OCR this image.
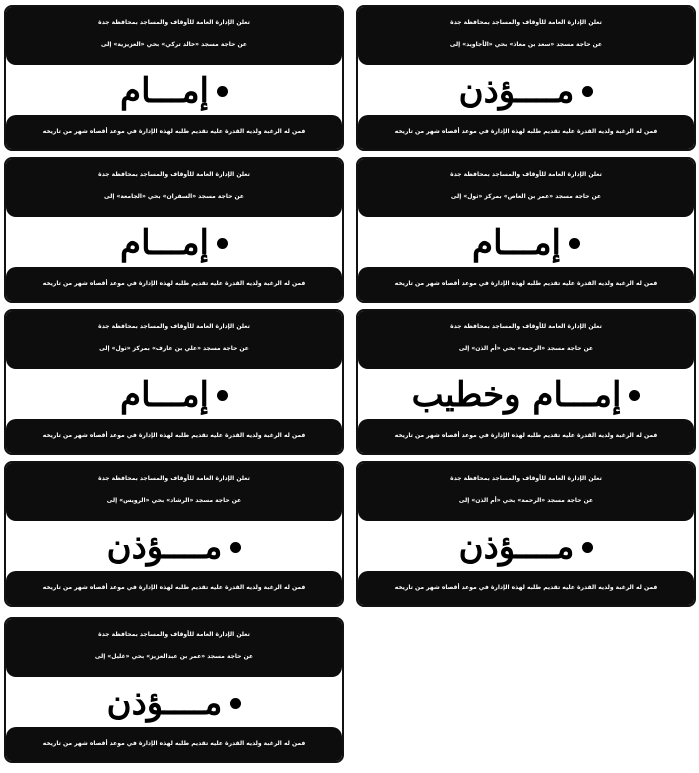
تعلن الإدارة العامة للأوقاف والمساجد بمحافظة جدة
عن حاجة مسجد «سعد بن معاذ» بحي «الأجاويد» إلى
مــــؤذن
فمن له الرغبة ولديه القدرة عليه تقديم طلبه لهذه الإدارة في موعد أقصاه شهر من تاريخه
تعلن الإدارة العامة للأوقاف والمساجد بمحافظة جدة
عن حاجة مسجد «خالد تركي» بحي «العزيزية» إلى
إمـــام
فمن له الرغبة ولديه القدرة عليه تقديم طلبه لهذه الإدارة في موعد أقصاه شهر من تاريخه
تعلن الإدارة العامة للأوقاف والمساجد بمحافظة جدة
عن حاجة مسجد «عمر بن العاص» بمركز «ثول» إلى
إمـــام
فمن له الرغبة ولديه القدرة عليه تقديم طلبه لهذه الإدارة في موعد أقصاه شهر من تاريخه
تعلن الإدارة العامة للأوقاف والمساجد بمحافظة جدة
عن حاجة مسجد «السفران» بحي «الجامعة» إلى
إمـــام
فمن له الرغبة ولديه القدرة عليه تقديم طلبه لهذه الإدارة في موعد أقصاه شهر من تاريخه
تعلن الإدارة العامة للأوقاف والمساجد بمحافظة جدة
عن حاجة مسجد «الرحمة» بحي «أم الذن» إلى
إمـــام وخطيب
فمن له الرغبة ولديه القدرة عليه تقديم طلبه لهذه الإدارة في موعد أقصاه شهر من تاريخه
تعلن الإدارة العامة للأوقاف والمساجد بمحافظة جدة
عن حاجة مسجد «علي بن عارف» بمركز «ثول» إلى
إمـــام
فمن له الرغبة ولديه القدرة عليه تقديم طلبه لهذه الإدارة في موعد أقصاه شهر من تاريخه
تعلن الإدارة العامة للأوقاف والمساجد بمحافظة جدة
عن حاجة مسجد «الرحمة» بحي «أم الذن» إلى
مــــؤذن
فمن له الرغبة ولديه القدرة عليه تقديم طلبه لهذه الإدارة في موعد أقصاه شهر من تاريخه
تعلن الإدارة العامة للأوقاف والمساجد بمحافظة جدة
عن حاجة مسجد «الرشاد» بحي «الرويس» إلى
مــــؤذن
فمن له الرغبة ولديه القدرة عليه تقديم طلبه لهذه الإدارة في موعد أقصاه شهر من تاريخه
تعلن الإدارة العامة للأوقاف والمساجد بمحافظة جدة
عن حاجة مسجد «عمر بن عبدالعزيز» بحي «غليل» إلى
مــــؤذن
فمن له الرغبة ولديه القدرة عليه تقديم طلبه لهذه الإدارة في موعد أقصاه شهر من تاريخه
